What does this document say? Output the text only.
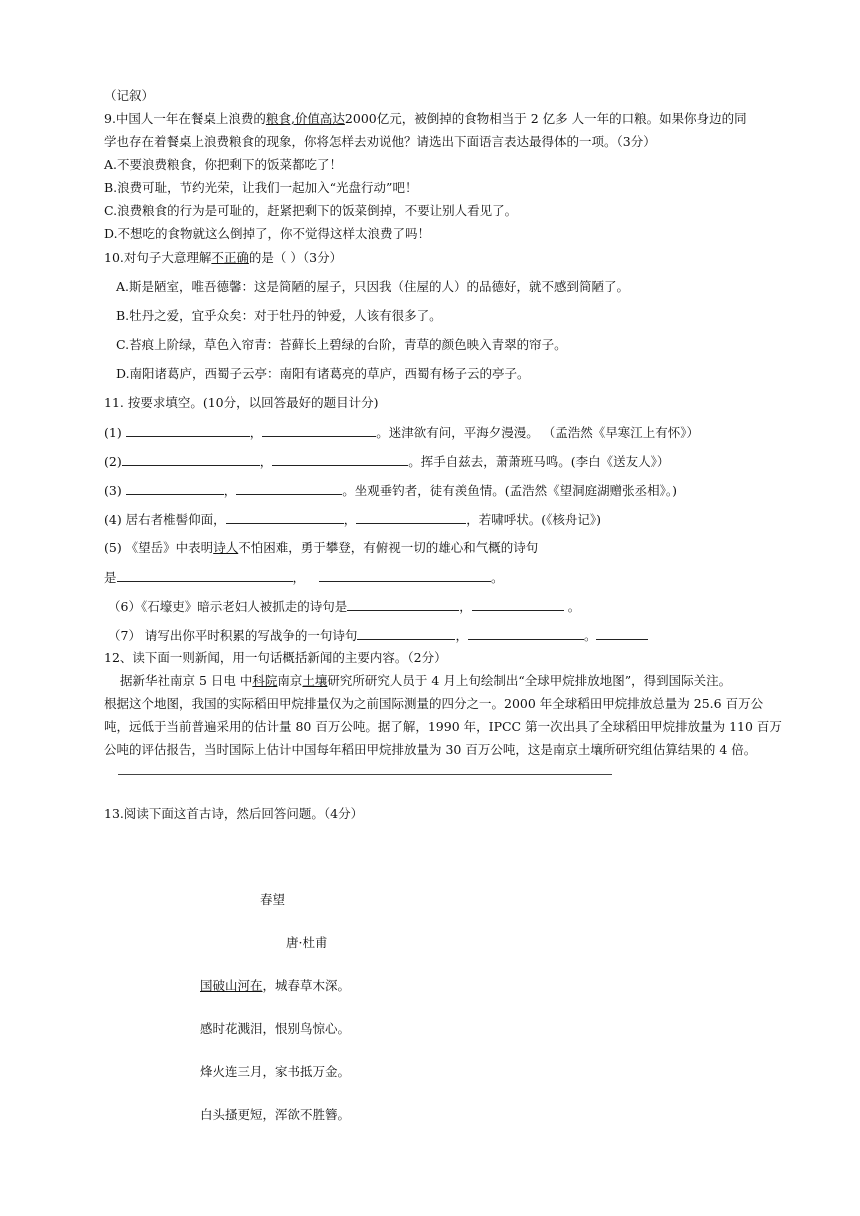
（记叙）
9.中国人一年在餐桌上浪费的粮食,价值高达2000亿元，被倒掉的食物相当于 2 亿多 人一年的口粮。如果你身边的同
学也存在着餐桌上浪费粮食的现象，你将怎样去劝说他？请选出下面语言表达最得体的一项。（3分）
A.不要浪费粮食，你把剩下的饭菜都吃了！
B.浪费可耻，节约光荣，让我们一起加入“光盘行动”吧！
C.浪费粮食的行为是可耻的，赶紧把剩下的饭菜倒掉，不要让别人看见了。
D.不想吃的食物就这么倒掉了，你不觉得这样太浪费了吗！
10.对句子大意理解不正确的是（ ）（3分）
A.斯是陋室，唯吾德馨：这是简陋的屋子，只因我（住屋的人）的品德好，就不感到简陋了。
B.牡丹之爱，宜乎众矣：对于牡丹的钟爱，人该有很多了。
C.苔痕上阶绿，草色入帘青：苔藓长上碧绿的台阶，青草的颜色映入青翠的帘子。
D.南阳诸葛庐，西蜀子云亭：南阳有诸葛亮的草庐，西蜀有杨子云的亭子。
11. 按要求填空。(10分，以回答最好的题目计分)
(1)	，	。迷津欲有问，平海夕漫漫。 （孟浩然《早寒江上有怀》）
(2)	，	。挥手自兹去，萧萧班马鸣。(李白《送友人》）
(3)	，	。坐观垂钓者，徒有羡鱼情。(孟浩然《望洞庭湖赠张丞相》。)
(4) 居右者椎髻仰面，	，	，若啸呼状。(《核舟记》)
(5) 《望岳》中表明诗人不怕困难，勇于攀登，有俯视一切的雄心和气概的诗句
是	，	。
（6）《石壕吏》暗示老妇人被抓走的诗句是	，	。
（7） 请写出你平时积累的写战争的一句诗句	，	。
12、读下面一则新闻，用一句话概括新闻的主要内容。（2分）
据新华社南京 5 日电 中科院南京土壤研究所研究人员于 4 月上旬绘制出“全球甲烷排放地图”，得到国际关注。
根据这个地图，我国的实际稻田甲烷排量仅为之前国际测量的四分之一。2000 年全球稻田甲烷排放总量为 25.6 百万公
吨，远低于当前普遍采用的估计量 80 百万公吨。据了解，1990 年，IPCC 第一次出具了全球稻田甲烷排放量为 110 百万
公吨的评估报告，当时国际上估计中国每年稻田甲烷排放量为 30 百万公吨，这是南京土壤所研究组估算结果的 4 倍。
13.阅读下面这首古诗，然后回答问题。（4分）
春望
唐·杜甫
国破山河在，城春草木深。
感时花溅泪，恨别鸟惊心。
烽火连三月，家书抵万金。
白头搔更短，浑欲不胜簪。
